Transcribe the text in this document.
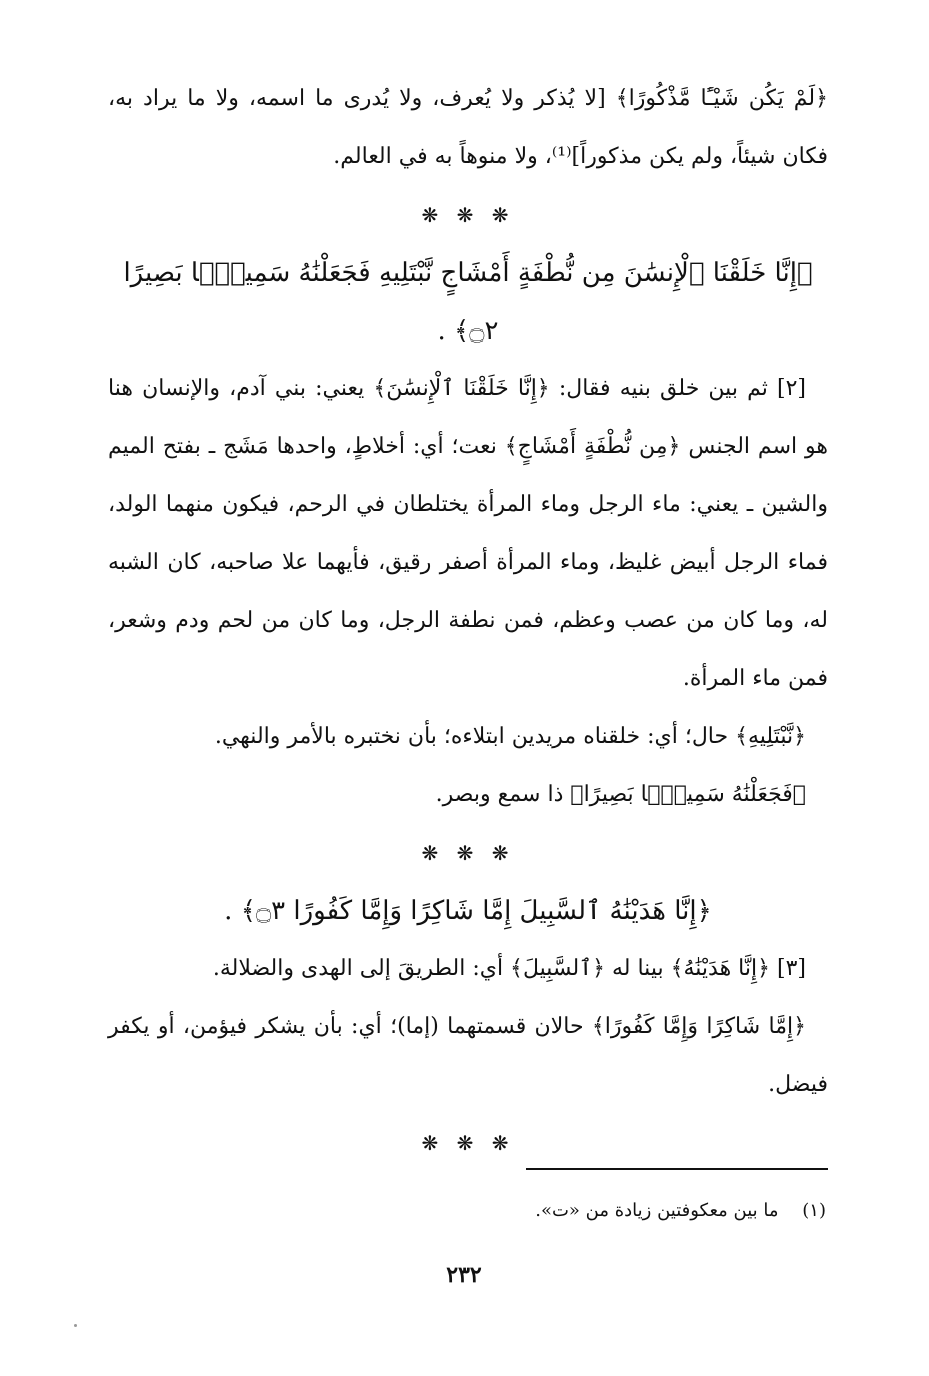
﴿لَمْ يَكُن شَيْـًٔا مَّذْكُورًا﴾ [لا يُذكر ولا يُعرف، ولا يُدرى ما اسمه، ولا ما يراد به، فكان شيئاً، ولم يكن مذكوراً]⁽¹⁾، ولا منوهاً به في العالم.

❋ ❋ ❋

﴿إِنَّا خَلَقْنَا ٱلْإِنسَٰنَ مِن نُّطْفَةٍ أَمْشَاجٍ نَّبْتَلِيهِ فَجَعَلْنَٰهُ سَمِيعًۢا بَصِيرًا ۝٢﴾ .

[٢] ثم بين خلق بنيه فقال: ﴿إِنَّا خَلَقْنَا ٱلْإِنسَٰنَ﴾ يعني: بني آدم، والإنسان هنا هو اسم الجنس ﴿مِن نُّطْفَةٍ أَمْشَاجٍ﴾ نعت؛ أي: أخلاطٍ، واحدها مَشَج ـ بفتح الميم والشين ـ يعني: ماء الرجل وماء المرأة يختلطان في الرحم، فيكون منهما الولد، فماء الرجل أبيض غليظ، وماء المرأة أصفر رقيق، فأيهما علا صاحبه، كان الشبه له، وما كان من عصب وعظم، فمن نطفة الرجل، وما كان من لحم ودم وشعر، فمن ماء المرأة.

﴿نَّبْتَلِيهِ﴾ حال؛ أي: خلقناه مريدين ابتلاءه؛ بأن نختبره بالأمر والنهي.

﴿فَجَعَلْنَٰهُ سَمِيعًۢا بَصِيرًا﴾ ذا سمع وبصر.

❋ ❋ ❋

﴿إِنَّا هَدَيْنَٰهُ ٱلسَّبِيلَ إِمَّا شَاكِرًا وَإِمَّا كَفُورًا ۝٣﴾ .

[٣] ﴿إِنَّا هَدَيْنَٰهُ﴾ بينا له ﴿ٱلسَّبِيلَ﴾ أي: الطريقَ إلى الهدى والضلالة.

﴿إِمَّا شَاكِرًا وَإِمَّا كَفُورًا﴾ حالان قسمتهما (إما)؛ أي: بأن يشكر فيؤمن، أو يكفر فيضل.

❋ ❋ ❋
(١) ما بين معكوفتين زيادة من «ت».
٢٣٢
